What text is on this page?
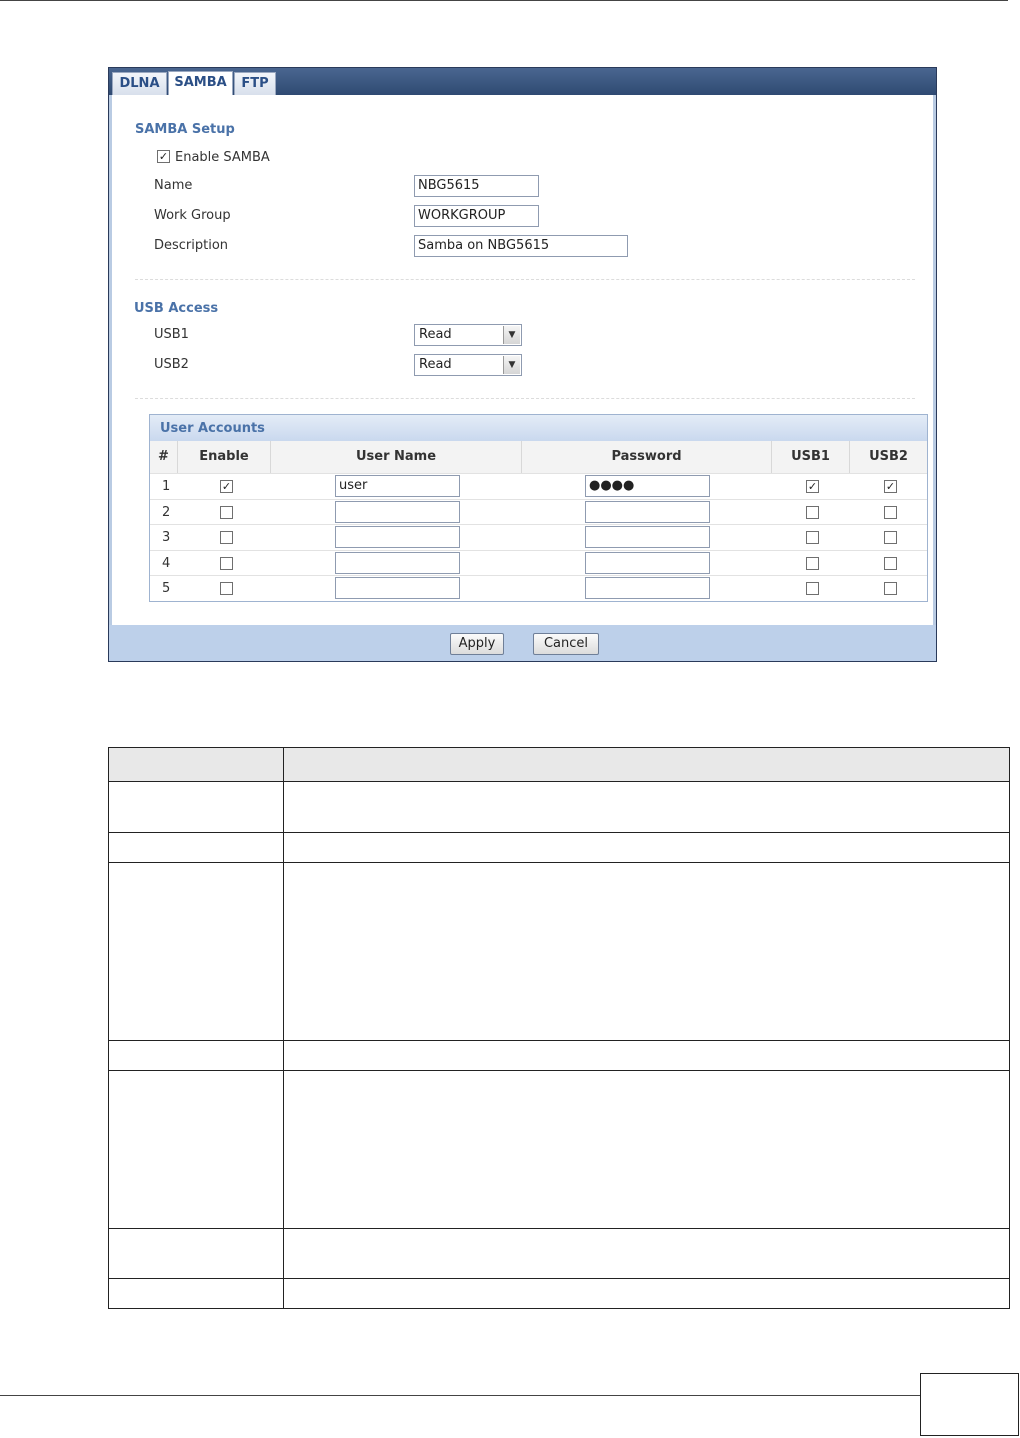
DLNA	SAMBA	FTP
SAMBA Setup
✓ Enable SAMBA
Name	NBG5615
Work Group	WORKGROUP
Description	Samba on NBG5615
USB Access
USB1	Read	▼
USB2	Read	▼
User Accounts
#	Enable	User Name	Password	USB1	USB2
1	✓	user	●●●●	✓	✓
2
3
4
5
Apply	Cancel
